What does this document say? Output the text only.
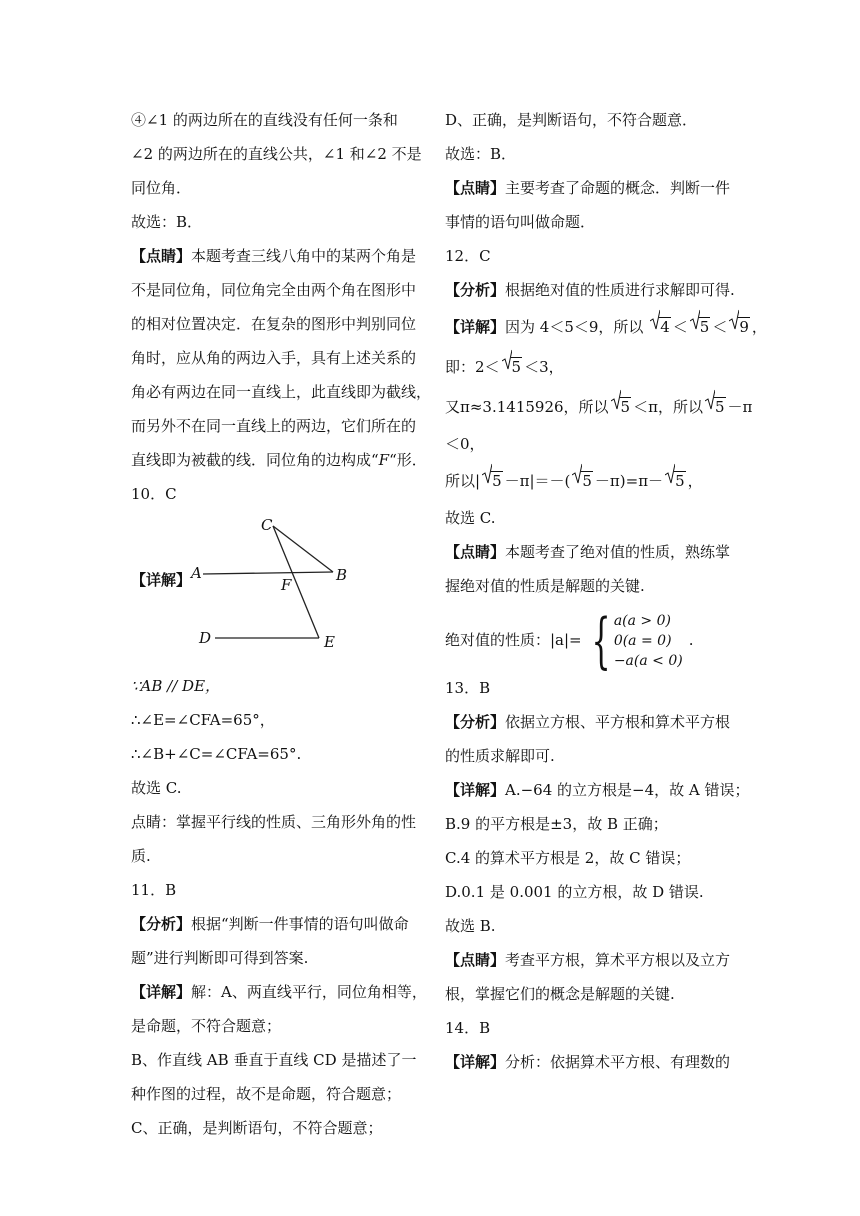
④∠1 的两边所在的直线没有任何一条和
∠2 的两边所在的直线公共，∠1 和∠2 不是
同位角．
故选：B．
【点睛】本题考查三线八角中的某两个角是
不是同位角，同位角完全由两个角在图形中
的相对位置决定．在复杂的图形中判别同位
角时，应从角的两边入手，具有上述关系的
角必有两边在同一直线上，此直线即为截线，
而另外不在同一直线上的两边，它们所在的
直线即为被截的线．同位角的边构成“F“形．
10．C
【详解】
C
A	B
F
D	E
∵AB // DE，
∴∠E=∠CFA=65°，
∴∠B+∠C=∠CFA=65°.
故选 C.
点睛：掌握平行线的性质、三角形外角的性
质.
11．B
【分析】根据“判断一件事情的语句叫做命
题”进行判断即可得到答案.
【详解】解：A、两直线平行，同位角相等，
是命题，不符合题意；
B、作直线 AB 垂直于直线 CD 是描述了一
种作图的过程，故不是命题，符合题意；
C、正确，是判断语句，不符合题意；
D、正确，是判断语句，不符合题意．
故选：B．
【点睛】主要考查了命题的概念．判断一件
事情的语句叫做命题．
12．C
【分析】根据绝对值的性质进行求解即可得.
【详解】因为 4＜5＜9，所以 4 ＜ 5 ＜ 9 ，
即：2＜ 5 ＜3，
又π≈3.1415926，所以 5 ＜π，所以 5 －π
＜0，
所以| 5 －π|＝－( 5 －π)=π－ 5 ，
故选 C.
【点睛】本题考查了绝对值的性质，熟练掌
握绝对值的性质是解题的关键.
绝对值的性质：|a|= { a(a > 0)
0(a = 0)
−a(a < 0)
.
13．B
【分析】依据立方根、平方根和算术平方根
的性质求解即可.
【详解】A.−64 的立方根是−4，故 A 错误；
B.9 的平方根是±3，故 B 正确；
C.4 的算术平方根是 2，故 C 错误；
D.0.1 是 0.001 的立方根，故 D 错误.
故选 B.
【点睛】考查平方根，算术平方根以及立方
根，掌握它们的概念是解题的关键.
14．B
【详解】分析：依据算术平方根、有理数的
